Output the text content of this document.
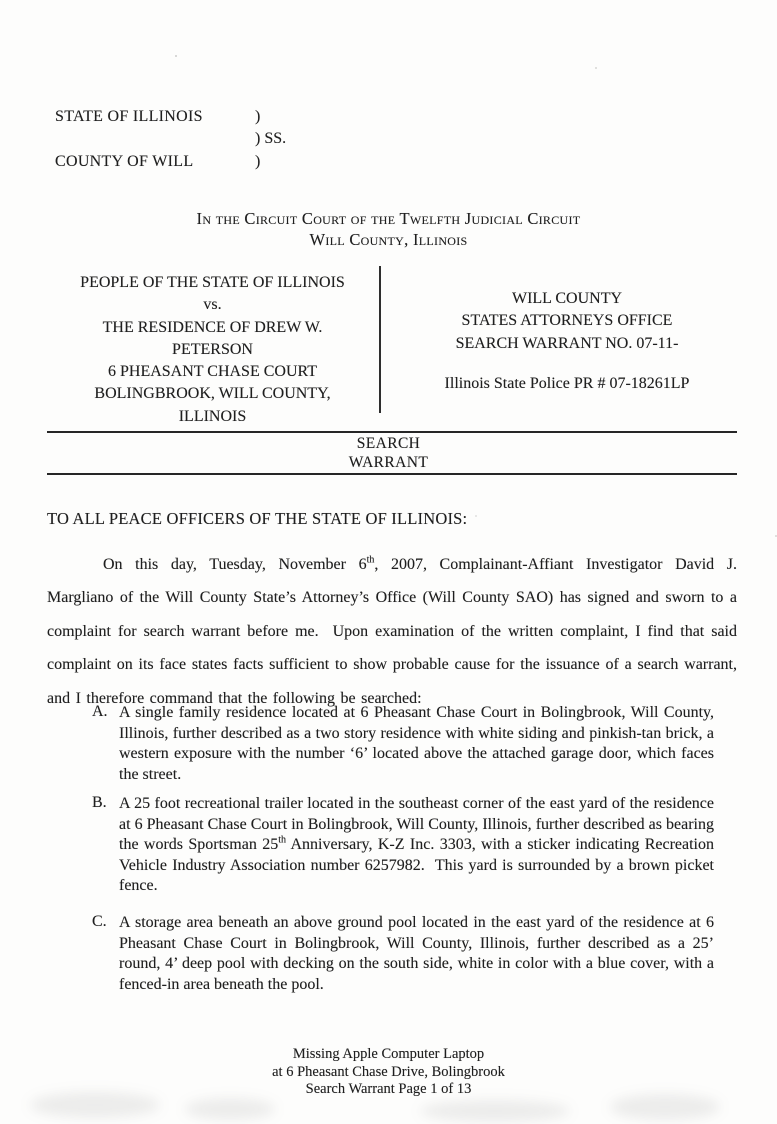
STATE OF ILLINOIS	)
) SS.
COUNTY OF WILL	)
In the Circuit Court of the Twelfth Judicial Circuit
Will County, Illinois
PEOPLE OF THE STATE OF ILLINOIS
vs.
THE RESIDENCE OF DREW W.
PETERSON
6 PHEASANT CHASE COURT
BOLINGBROOK, WILL COUNTY,
ILLINOIS
WILL COUNTY
STATES ATTORNEYS OFFICE
SEARCH WARRANT NO. 07-11-
Illinois State Police PR # 07-18261LP
SEARCH
WARRANT
TO ALL PEACE OFFICERS OF THE STATE OF ILLINOIS:
On this day, Tuesday, November 6th, 2007, Complainant-Affiant Investigator David J. Margliano of the Will County State’s Attorney’s Office (Will County SAO) has signed and sworn to a complaint for search warrant before me.  Upon examination of the written complaint, I find that said complaint on its face states facts sufficient to show probable cause for the issuance of a search warrant, and I therefore command that the following be searched:
A. A single family residence located at 6 Pheasant Chase Court in Bolingbrook, Will County, Illinois, further described as a two story residence with white siding and pinkish-tan brick, a western exposure with the number ‘6’ located above the attached garage door, which faces the street.
B. A 25 foot recreational trailer located in the southeast corner of the east yard of the residence at 6 Pheasant Chase Court in Bolingbrook, Will County, Illinois, further described as bearing the words Sportsman 25th Anniversary, K-Z Inc. 3303, with a sticker indicating Recreation Vehicle Industry Association number 6257982.  This yard is surrounded by a brown picket fence.
C. A storage area beneath an above ground pool located in the east yard of the residence at 6 Pheasant Chase Court in Bolingbrook, Will County, Illinois, further described as a 25’ round, 4’ deep pool with decking on the south side, white in color with a blue cover, with a fenced-in area beneath the pool.
Missing Apple Computer Laptop
at 6 Pheasant Chase Drive, Bolingbrook
Search Warrant Page 1 of 13
